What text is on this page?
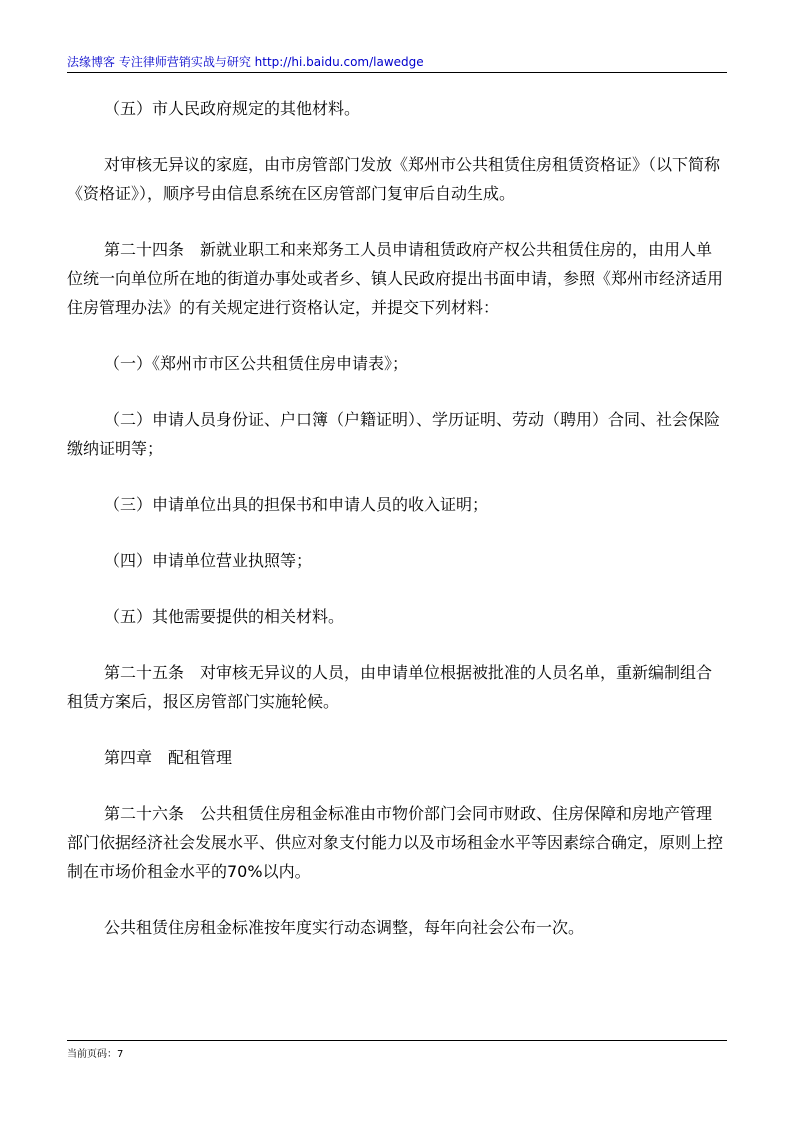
法缘博客 专注律师营销实战与研究 http://hi.baidu.com/lawedge

（五）市人民政府规定的其他材料。

对审核无异议的家庭，由市房管部门发放《郑州市公共租赁住房租赁资格证》（以下简称《资格证》），顺序号由信息系统在区房管部门复审后自动生成。

第二十四条　新就业职工和来郑务工人员申请租赁政府产权公共租赁住房的，由用人单位统一向单位所在地的街道办事处或者乡、镇人民政府提出书面申请，参照《郑州市经济适用住房管理办法》的有关规定进行资格认定，并提交下列材料：

（一）《郑州市市区公共租赁住房申请表》；

（二）申请人员身份证、户口簿（户籍证明）、学历证明、劳动（聘用）合同、社会保险缴纳证明等；

（三）申请单位出具的担保书和申请人员的收入证明；

（四）申请单位营业执照等；

（五）其他需要提供的相关材料。

第二十五条　对审核无异议的人员，由申请单位根据被批准的人员名单，重新编制组合租赁方案后，报区房管部门实施轮候。

第四章　配租管理

第二十六条　公共租赁住房租金标准由市物价部门会同市财政、住房保障和房地产管理部门依据经济社会发展水平、供应对象支付能力以及市场租金水平等因素综合确定，原则上控制在市场价租金水平的70%以内。

公共租赁住房租金标准按年度实行动态调整，每年向社会公布一次。

当前页码：7
